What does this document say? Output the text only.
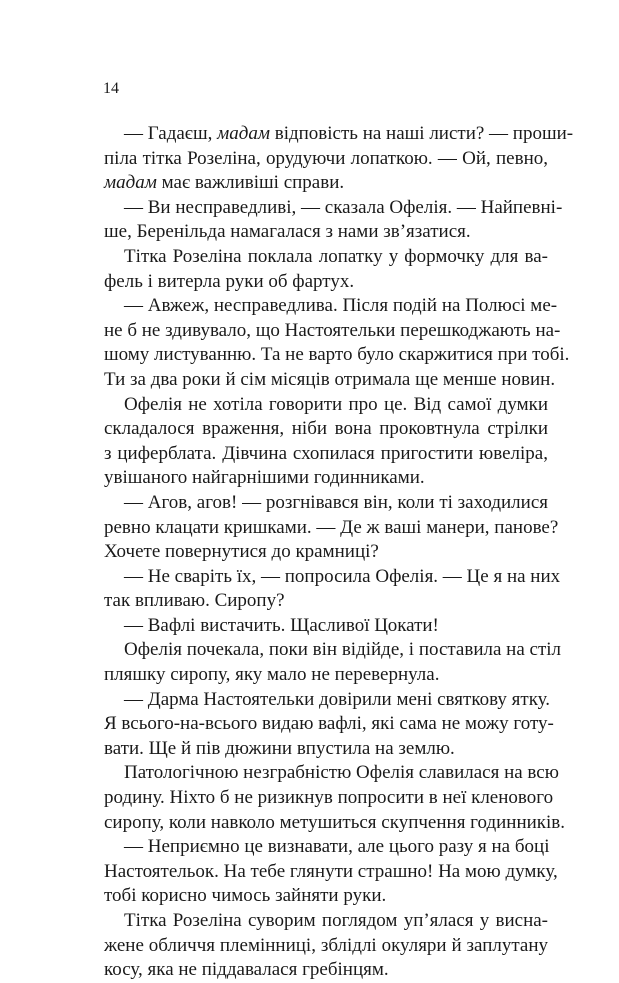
14
— Гадаєш, мадам відповість на наші листи? — проши-
піла тітка Розеліна, орудуючи лопаткою. — Ой, певно,
мадам має важливіші справи.
— Ви несправедливі, — сказала Офелія. — Найпевні-
ше, Беренільда намагалася з нами зв’язатися.
Тітка Розеліна поклала лопатку у формочку для ва-
фель і витерла руки об фартух.
— Авжеж, несправедлива. Після подій на Полюсі ме-
не б не здивувало, що Настоятельки перешкоджають на-
шому листуванню. Та не варто було скаржитися при тобі.
Ти за два роки й сім місяців отримала ще менше новин.
Офелія не хотіла говорити про це. Від самої думки
складалося враження, ніби вона проковтнула стрілки
з циферблата. Дівчина схопилася пригостити ювеліра,
увішаного найгарнішими годинниками.
— Агов, агов! — розгнівався він, коли ті заходилися
ревно клацати кришками. — Де ж ваші манери, панове?
Хочете повернутися до крамниці?
— Не сваріть їх, — попросила Офелія. — Це я на них
так впливаю. Сиропу?
— Вафлі вистачить. Щасливої Цокати!
Офелія почекала, поки він відійде, і поставила на стіл
пляшку сиропу, яку мало не перевернула.
— Дарма Настоятельки довірили мені святкову ятку.
Я всього-на-всього видаю вафлі, які сама не можу готу-
вати. Ще й пів дюжини впустила на землю.
Патологічною незграбністю Офелія славилася на всю
родину. Ніхто б не ризикнув попросити в неї кленового
сиропу, коли навколо метушиться скупчення годинників.
— Неприємно це визнавати, але цього разу я на боці
Настоятельок. На тебе глянути страшно! На мою думку,
тобі корисно чимось зайняти руки.
Тітка Розеліна суворим поглядом уп’ялася у висна-
жене обличчя племінниці, зблідлі окуляри й заплутану
косу, яка не піддавалася гребінцям.
